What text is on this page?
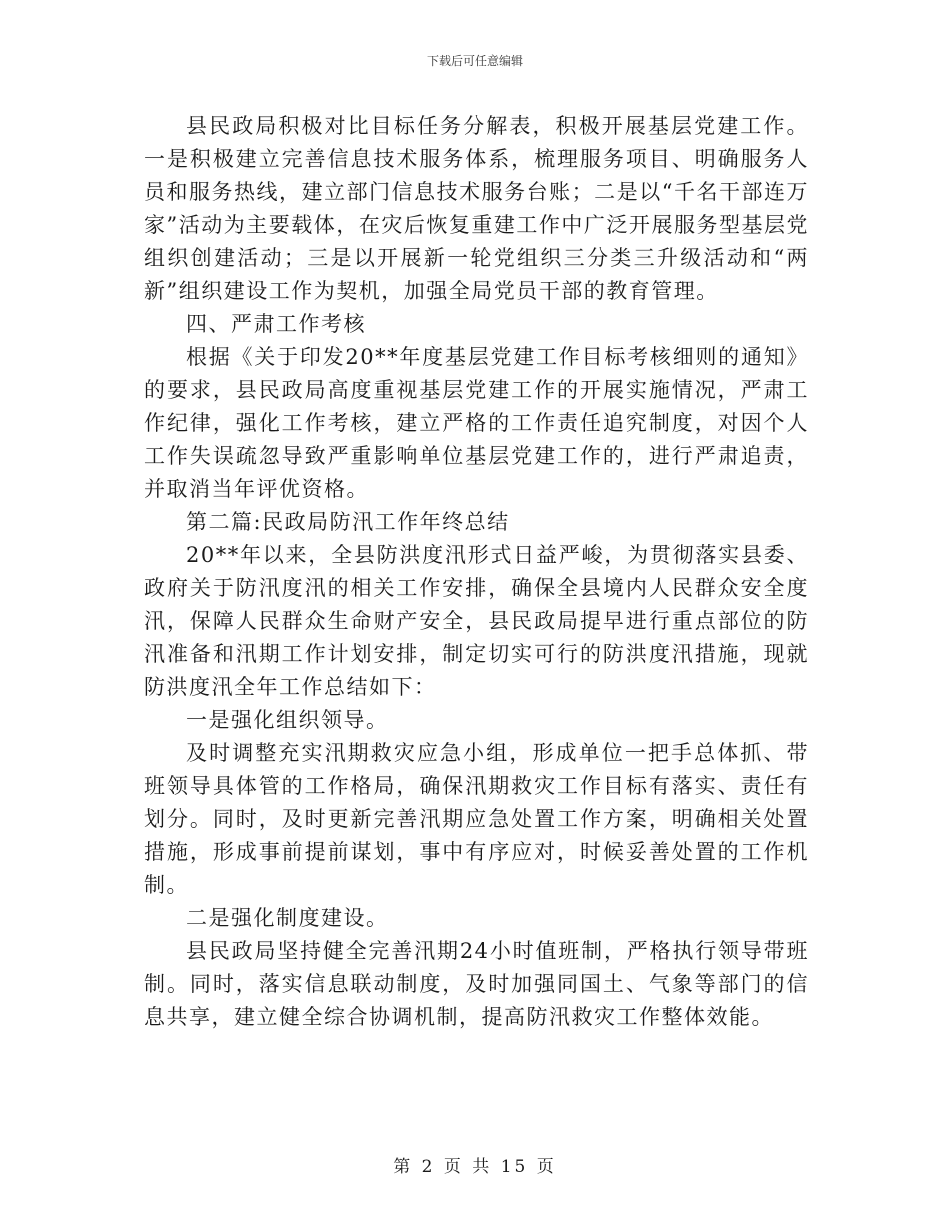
下载后可任意编辑

县民政局积极对比目标任务分解表，积极开展基层党建工作。一是积极建立完善信息技术服务体系，梳理服务项目、明确服务人员和服务热线，建立部门信息技术服务台账；二是以“千名干部连万家”活动为主要载体，在灾后恢复重建工作中广泛开展服务型基层党组织创建活动；三是以开展新一轮党组织三分类三升级活动和“两新”组织建设工作为契机，加强全局党员干部的教育管理。

四、严肃工作考核

根据《关于印发20**年度基层党建工作目标考核细则的通知》的要求，县民政局高度重视基层党建工作的开展实施情况，严肃工作纪律，强化工作考核，建立严格的工作责任追究制度，对因个人工作失误疏忽导致严重影响单位基层党建工作的，进行严肃追责，并取消当年评优资格。

第二篇:民政局防汛工作年终总结

20**年以来，全县防洪度汛形式日益严峻，为贯彻落实县委、政府关于防汛度汛的相关工作安排，确保全县境内人民群众安全度汛，保障人民群众生命财产安全，县民政局提早进行重点部位的防汛准备和汛期工作计划安排，制定切实可行的防洪度汛措施，现就防洪度汛全年工作总结如下：

一是强化组织领导。

及时调整充实汛期救灾应急小组，形成单位一把手总体抓、带班领导具体管的工作格局，确保汛期救灾工作目标有落实、责任有划分。同时，及时更新完善汛期应急处置工作方案，明确相关处置措施，形成事前提前谋划，事中有序应对，时候妥善处置的工作机制。

二是强化制度建设。

县民政局坚持健全完善汛期24小时值班制，严格执行领导带班制。同时，落实信息联动制度，及时加强同国土、气象等部门的信息共享，建立健全综合协调机制，提高防汛救灾工作整体效能。

第 2 页 共 15 页
